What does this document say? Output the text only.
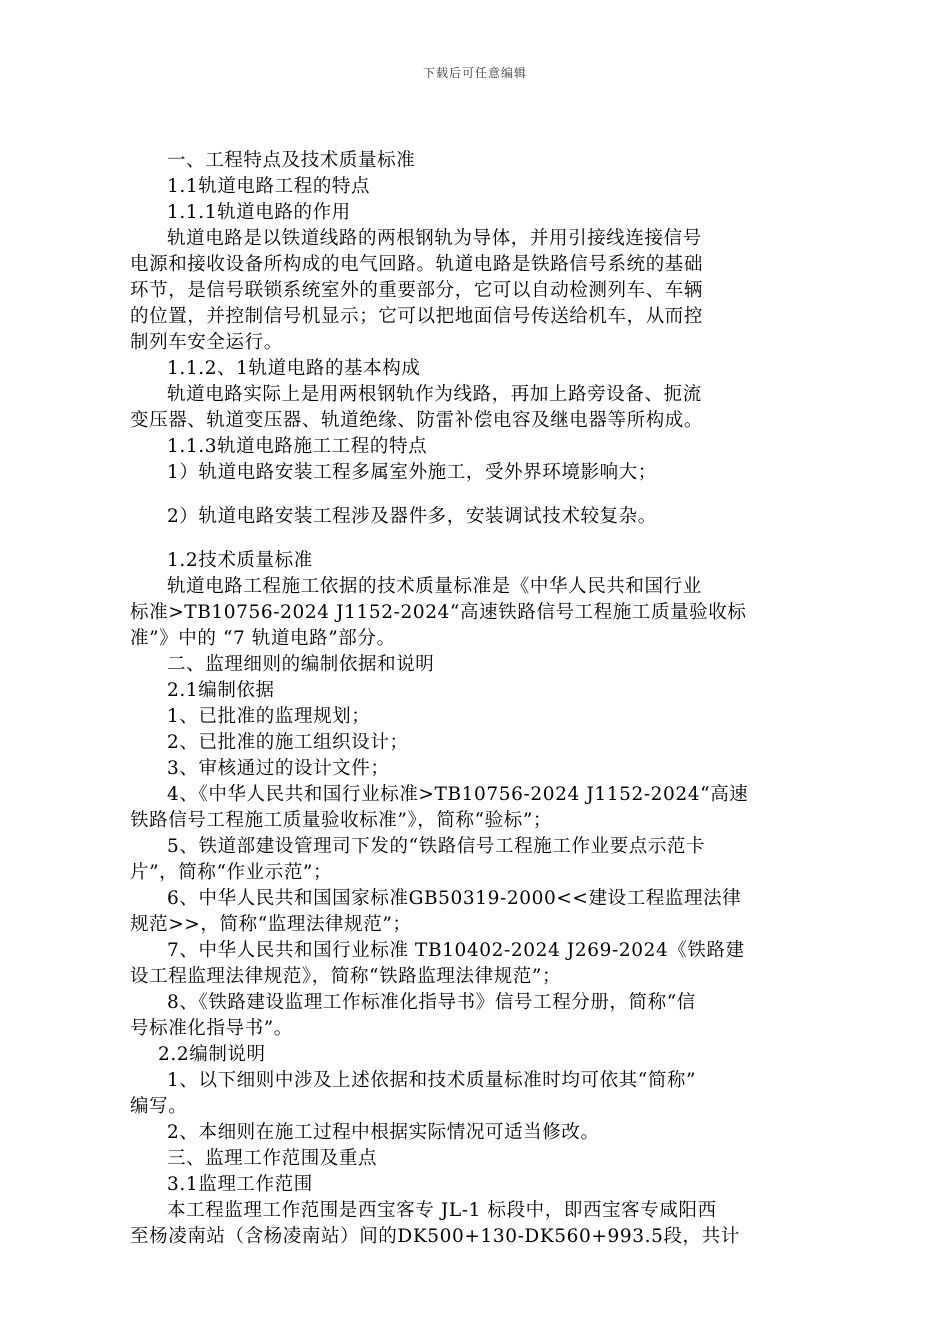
下载后可任意编辑
一、工程特点及技术质量标准
1.1轨道电路工程的特点
1.1.1轨道电路的作用
轨道电路是以铁道线路的两根钢轨为导体，并用引接线连接信号
电源和接收设备所构成的电气回路。轨道电路是铁路信号系统的基础
环节，是信号联锁系统室外的重要部分，它可以自动检测列车、车辆
的位置，并控制信号机显示；它可以把地面信号传送给机车，从而控
制列车安全运行。
1.1.2、1轨道电路的基本构成
轨道电路实际上是用两根钢轨作为线路，再加上路旁设备、扼流
变压器、轨道变压器、轨道绝缘、防雷补偿电容及继电器等所构成。
1.1.3轨道电路施工工程的特点
1）轨道电路安装工程多属室外施工，受外界环境影响大；
2）轨道电路安装工程涉及器件多，安装调试技术较复杂。
1.2技术质量标准
轨道电路工程施工依据的技术质量标准是《中华人民共和国行业
标准>TB10756-2024 J1152-2024“高速铁路信号工程施工质量验收标
准”》中的 “7 轨道电路”部分。
二、监理细则的编制依据和说明
2.1编制依据
1、已批准的监理规划；
2、已批准的施工组织设计；
3、审核通过的设计文件；
4、《中华人民共和国行业标准>TB10756-2024 J1152-2024“高速
铁路信号工程施工质量验收标准”》，简称“验标”；
5、铁道部建设管理司下发的“铁路信号工程施工作业要点示范卡
片”，简称“作业示范”；
6、中华人民共和国国家标准GB50319-2000<<建设工程监理法律
规范>>，简称“监理法律规范”；
7、中华人民共和国行业标准 TB10402-2024 J269-2024《铁路建
设工程监理法律规范》，简称“铁路监理法律规范”；
8、《铁路建设监理工作标准化指导书》信号工程分册，简称“信
号标准化指导书”。
2.2编制说明
1、以下细则中涉及上述依据和技术质量标准时均可依其“简称”
编写。
2、本细则在施工过程中根据实际情况可适当修改。
三、监理工作范围及重点
3.1监理工作范围
本工程监理工作范围是西宝客专 JL-1 标段中，即西宝客专咸阳西
至杨凌南站（含杨凌南站）间的DK500+130-DK560+993.5段，共计
